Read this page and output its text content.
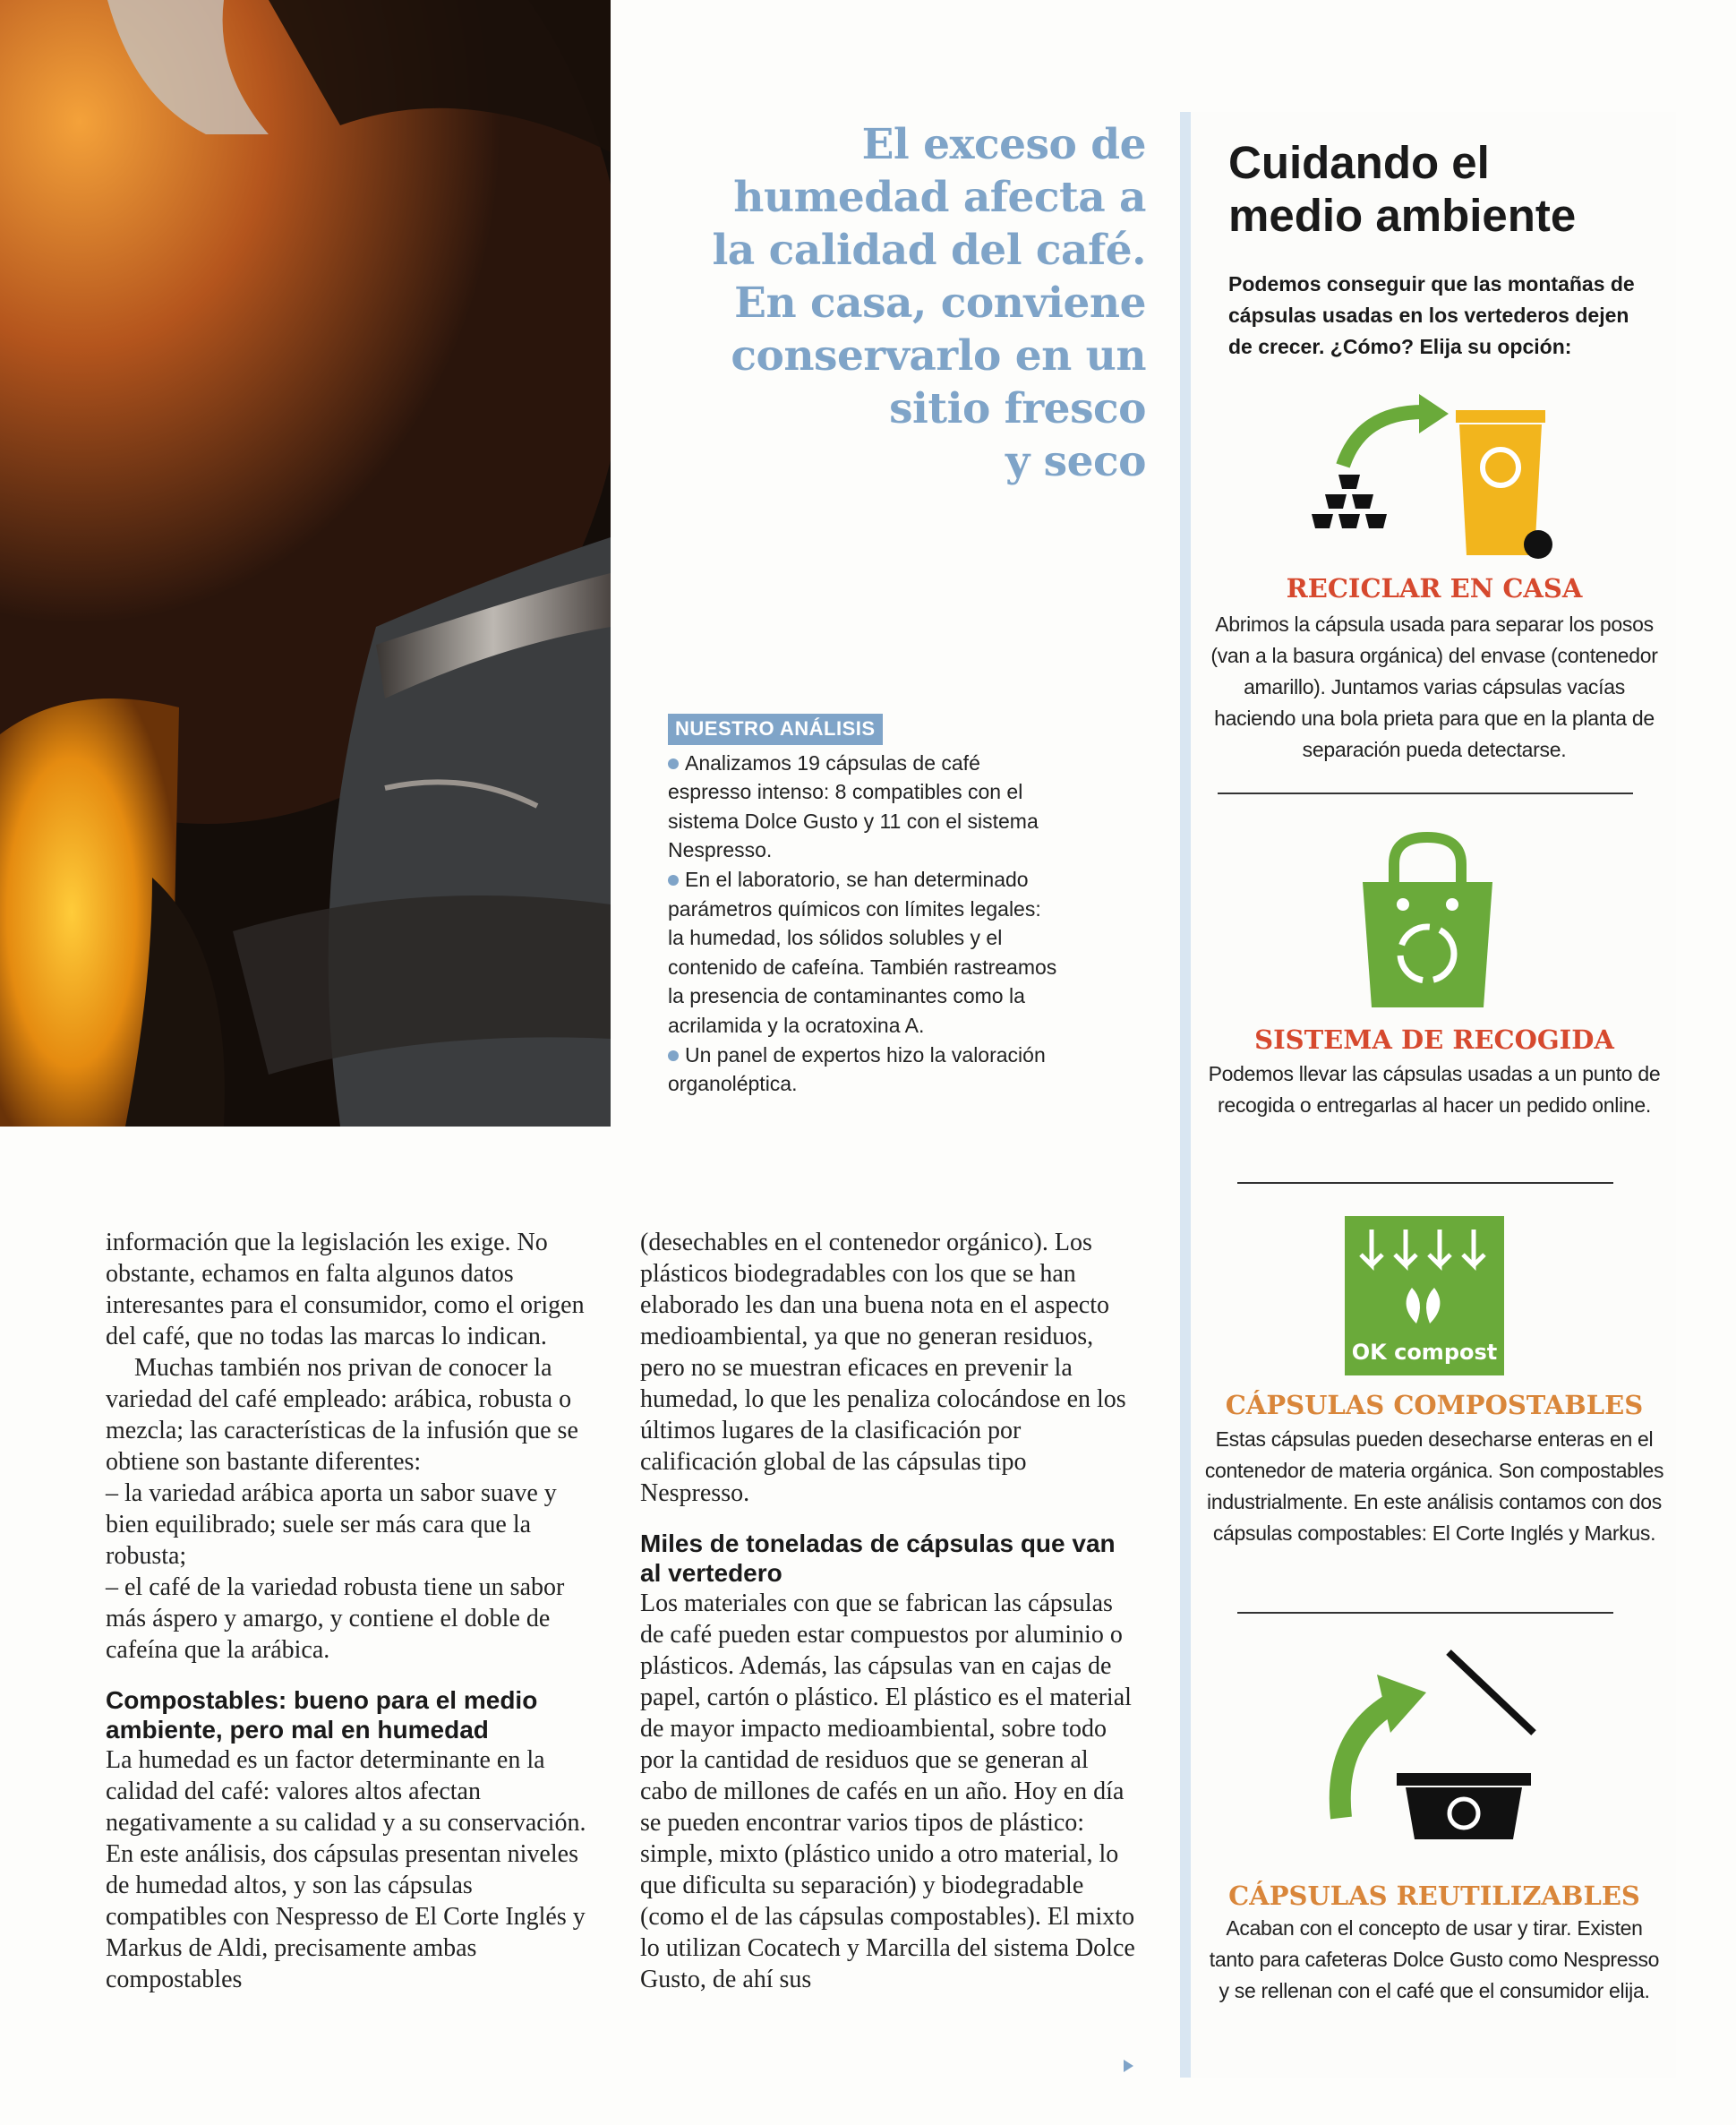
El exceso de
humedad afecta a
la calidad del café.
En casa, conviene
conservarlo en un
sitio fresco
y seco
NUESTRO ANÁLISIS

Analizamos 19 cápsulas de café espresso intenso: 8 compatibles con el sistema Dolce Gusto y 11 con el sistema Nespresso.

En el laboratorio, se han determinado parámetros químicos con límites legales: la humedad, los sólidos solubles y el contenido de cafeína. También rastreamos la presencia de contaminantes como la acrilamida y la ocratoxina A.

Un panel de expertos hizo la valoración organoléptica.

información que la legislación les exige. No obstante, echamos en falta algunos datos interesantes para el consumidor, como el origen del café, que no todas las marcas lo indican.

Muchas también nos privan de conocer la variedad del café empleado: arábica, robusta o mezcla; las características de la infusión que se obtiene son bastante diferentes:

– la variedad arábica aporta un sabor suave y bien equilibrado; suele ser más cara que la robusta;

– el café de la variedad robusta tiene un sabor más áspero y amargo, y contiene el doble de cafeína que la arábica.

Compostables: bueno para el medio ambiente, pero mal en humedad

La humedad es un factor determinante en la calidad del café: valores altos afectan negativamente a su calidad y a su conservación. En este análisis, dos cápsulas presentan niveles de humedad altos, y son las cápsulas compatibles con Nespresso de El Corte Inglés y Markus de Aldi, precisamente ambas compostables

(desechables en el contenedor orgánico). Los plásticos biodegradables con los que se han elaborado les dan una buena nota en el aspecto medioambiental, ya que no generan residuos, pero no se muestran eficaces en prevenir la humedad, lo que les penaliza colocándose en los últimos lugares de la clasificación por calificación global de las cápsulas tipo Nespresso.

Miles de toneladas de cápsulas que van al vertedero

Los materiales con que se fabrican las cápsulas de café pueden estar compuestos por aluminio o plásticos. Además, las cápsulas van en cajas de papel, cartón o plástico. El plástico es el material de mayor impacto medioambiental, sobre todo por la cantidad de residuos que se generan al cabo de millones de cafés en un año. Hoy en día se pueden encontrar varios tipos de plástico: simple, mixto (plástico unido a otro material, lo que dificulta su separación) y biodegradable (como el de las cápsulas compostables). El mixto lo utilizan Cocatech y Marcilla del sistema Dolce Gusto, de ahí sus

Cuidando el
medio ambiente
Podemos conseguir que las montañas de cápsulas usadas en los vertederos dejen de crecer. ¿Cómo? Elija su opción:
RECICLAR EN CASA
Abrimos la cápsula usada para separar los posos (van a la basura orgánica) del envase (contenedor amarillo). Juntamos varias cápsulas vacías haciendo una bola prieta para que en la planta de separación pueda detectarse.
SISTEMA DE RECOGIDA
Podemos llevar las cápsulas usadas a un punto de recogida o entregarlas al hacer un pedido online.
OK compost
CÁPSULAS COMPOSTABLES
Estas cápsulas pueden desecharse enteras en el contenedor de materia orgánica. Son compostables industrialmente. En este análisis contamos con dos cápsulas compostables: El Corte Inglés y Markus.
CÁPSULAS REUTILIZABLES
Acaban con el concepto de usar y tirar. Existen tanto para cafeteras Dolce Gusto como Nespresso y se rellenan con el café que el consumidor elija.
